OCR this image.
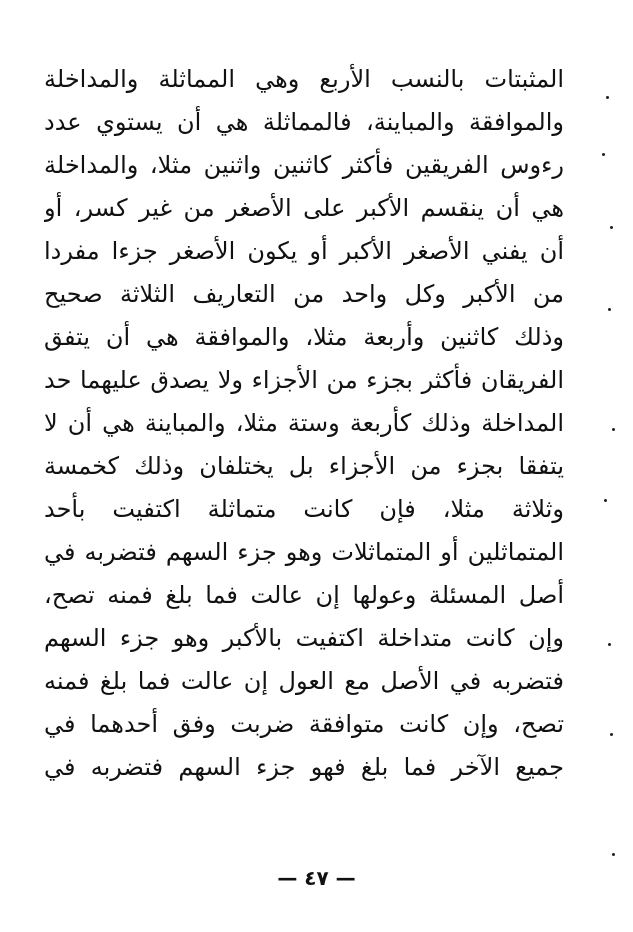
المثبتات بالنسب الأربع وهي المماثلة والمداخلة
والموافقة والمباينة، فالمماثلة هي أن يستوي عدد
رءوس الفريقين فأكثر كاثنين واثنين مثلا، والمداخلة
هي أن ينقسم الأكبر على الأصغر من غير كسر، أو
أن يفني الأصغر الأكبر أو يكون الأصغر جزءا مفردا
من الأكبر وكل واحد من التعاريف الثلاثة صحيح
وذلك كاثنين وأربعة مثلا، والموافقة هي أن يتفق
الفريقان فأكثر بجزء من الأجزاء ولا يصدق عليهما حد
المداخلة وذلك كأربعة وستة مثلا، والمباينة هي أن لا
يتفقا بجزء من الأجزاء بل يختلفان وذلك كخمسة
وثلاثة مثلا، فإن كانت متماثلة اكتفيت بأحد
المتماثلين أو المتماثلات وهو جزء السهم فتضربه في
أصل المسئلة وعولها إن عالت فما بلغ فمنه تصح،
وإن كانت متداخلة اكتفيت بالأكبر وهو جزء السهم
فتضربه في الأصل مع العول إن عالت فما بلغ فمنه
تصح، وإن كانت متوافقة ضربت وفق أحدهما في
جميع الآخر فما بلغ فهو جزء السهم فتضربه في
— ٤٧ —
